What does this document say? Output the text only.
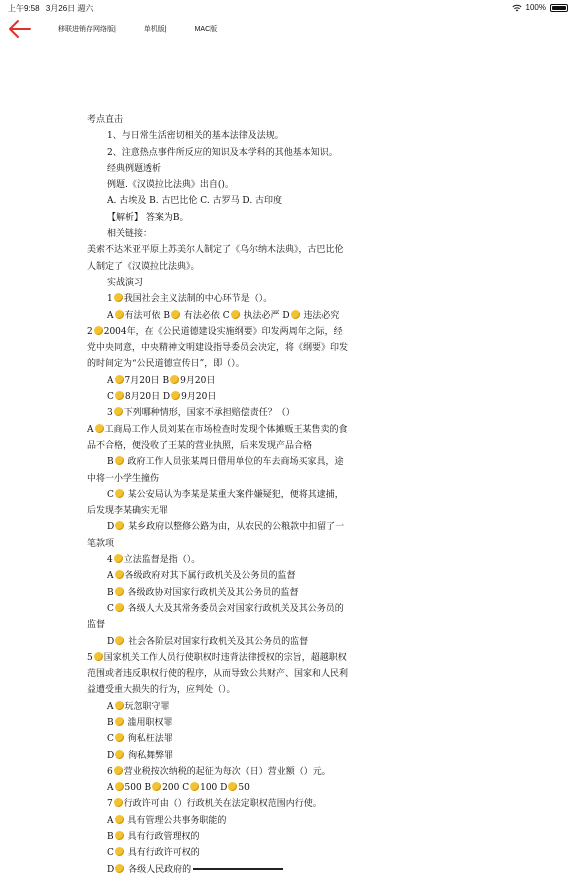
上午9:58 3月26日 週六	100%
移联进销存网络版|	单机版|	MAC版

考点直击

1、与日常生活密切相关的基本法律及法规。

2、注意热点事件所反应的知识及本学科的其他基本知识。

经典例题透析

例题.《汉谟拉比法典》出自()。

A. 古埃及 B. 古巴比伦 C. 古罗马 D. 古印度

【解析】 答案为B。

相关链接：

美索不达米亚平原上苏美尔人制定了《乌尔纳木法典》，古巴比伦人制定了《汉谟拉比法典》。

实战演习

1 我国社会主义法制的中心环节是（）。

A 有法可依 B 有法必依 C 执法必严 D 违法必究

2 2004年，在《公民道德建设实施纲要》印发两周年之际，经党中央同意，中央精神文明建设指导委员会决定，将《纲要》印发的时间定为“公民道德宣传日”，即（）。

A 7月20日 B 9月20日

C 8月20日 D 9月20日

3 下列哪种情形，国家不承担赔偿责任？（）

A 工商局工作人员刘某在市场检查时发现个体摊贩王某售卖的食品不合格，便没收了王某的营业执照，后来发现产品合格

B 政府工作人员张某周日借用单位的车去商场买家具，途中将一小学生撞伤

C 某公安局认为李某是某重大案件嫌疑犯，便将其逮捕，后发现李某确实无罪

D 某乡政府以整修公路为由，从农民的公粮款中扣留了一笔款项

4 立法监督是指（）。

A 各级政府对其下属行政机关及公务员的监督

B 各级政协对国家行政机关及其公务员的监督

C 各级人大及其常务委员会对国家行政机关及其公务员的监督

D 社会各阶层对国家行政机关及其公务员的监督

5 国家机关工作人员行使职权时违背法律授权的宗旨，超越职权范围或者违反职权行使的程序，从而导致公共财产、国家和人民利益遭受重大损失的行为，应判处（）。

A 玩忽职守罪

B 滥用职权罪

C 徇私枉法罪

D 徇私舞弊罪

6 营业税按次纳税的起征为每次（日）营业额（）元。

A 500 B 200 C 100 D 50

7 行政许可由（）行政机关在法定职权范围内行使。

A 具有管理公共事务职能的

B 具有行政管理权的

C 具有行政许可权的

D 各级人民政府的
